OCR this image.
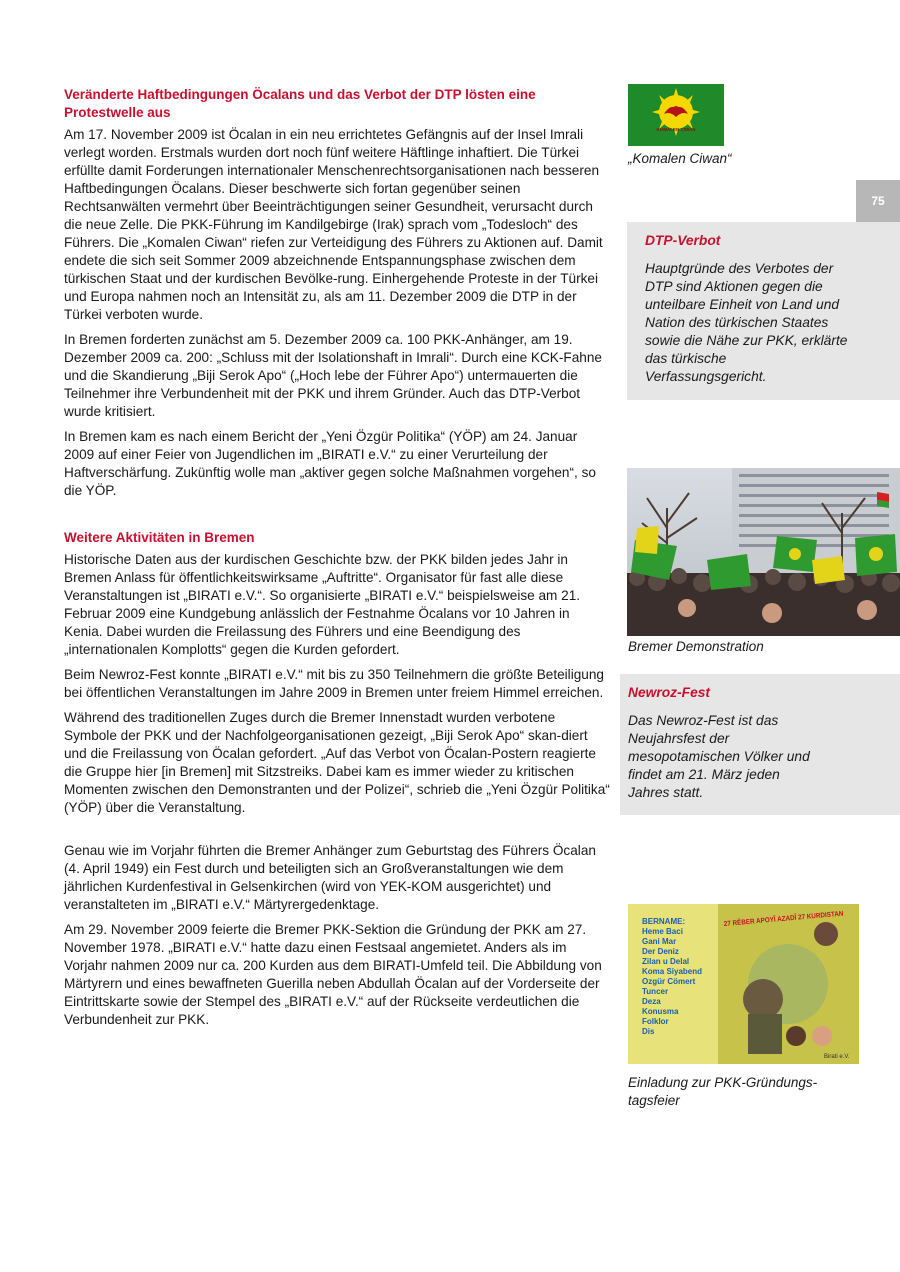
Veränderte Haftbedingungen Öcalans und das Verbot der DTP lösten eine Protestwelle aus

Am 17. November 2009 ist Öcalan in ein neu errichtetes Gefängnis auf der Insel Imrali verlegt worden. Erstmals wurden dort noch fünf weitere Häftlinge inhaftiert. Die Türkei erfüllte damit Forderungen internationaler Menschenrechtsorganisationen nach besseren Haftbedingungen Öcalans. Dieser beschwerte sich fortan gegenüber seinen Rechtsanwälten vermehrt über Beeinträchtigungen seiner Gesundheit, verursacht durch die neue Zelle. Die PKK-Führung im Kandilgebirge (Irak) sprach vom „Todesloch“ des Führers. Die „Komalen Ciwan“ riefen zur Verteidigung des Führers zu Aktionen auf. Damit endete die sich seit Sommer 2009 abzeichnende Entspannungsphase zwischen dem türkischen Staat und der kurdischen Bevölke-rung. Einhergehende Proteste in der Türkei und Europa nahmen noch an Intensität zu, als am 11. Dezember 2009 die DTP in der Türkei verboten wurde.

In Bremen forderten zunächst am 5. Dezember 2009 ca. 100 PKK-Anhänger, am 19. Dezember 2009 ca. 200: „Schluss mit der Isolationshaft in Imrali“. Durch eine KCK-Fahne und die Skandierung „Biji Serok Apo“ („Hoch lebe der Führer Apo“) untermauerten die Teilnehmer ihre Verbundenheit mit der PKK und ihrem Gründer. Auch das DTP-Verbot wurde kritisiert.

In Bremen kam es nach einem Bericht der „Yeni Özgür Politika“ (YÖP) am 24. Januar 2009 auf einer Feier von Jugendlichen im „BIRATI e.V.“ zu einer Verurteilung der Haftverschärfung. Zukünftig wolle man „aktiver gegen solche Maßnahmen vorgehen“, so die YÖP.

Weitere Aktivitäten in Bremen

Historische Daten aus der kurdischen Geschichte bzw. der PKK bilden jedes Jahr in Bremen Anlass für öffentlichkeitswirksame „Auftritte“. Organisator für fast alle diese Veranstaltungen ist „BIRATI e.V.“. So organisierte „BIRATI e.V.“ beispielsweise am 21. Februar 2009 eine Kundgebung anlässlich der Festnahme Öcalans vor 10 Jahren in Kenia. Dabei wurden die Freilassung des Führers und eine Beendigung des „internationalen Komplotts“ gegen die Kurden gefordert.

Beim Newroz-Fest konnte „BIRATI e.V.“ mit bis zu 350 Teilnehmern die größte Beteiligung bei öffentlichen Veranstaltungen im Jahre 2009 in Bremen unter freiem Himmel erreichen.

Während des traditionellen Zuges durch die Bremer Innenstadt wurden verbotene Symbole der PKK und der Nachfolgeorganisationen gezeigt, „Biji Serok Apo“ skan-diert und die Freilassung von Öcalan gefordert. „Auf das Verbot von Öcalan-Postern reagierte die Gruppe hier [in Bremen] mit Sitzstreiks. Dabei kam es immer wieder zu kritischen Momenten zwischen den Demonstranten und der Polizei“, schrieb die „Yeni Özgür Politika“ (YÖP) über die Veranstaltung.

Genau wie im Vorjahr führten die Bremer Anhänger zum Geburtstag des Führers Öcalan (4. April 1949) ein Fest durch und beteiligten sich an Großveranstaltungen wie dem jährlichen Kurdenfestival in Gelsenkirchen (wird von YEK-KOM ausgerichtet) und veranstalteten im „BIRATI e.V.“ Märtyrergedenktage.

Am 29. November 2009 feierte die Bremer PKK-Sektion die Gründung der PKK am 27. November 1978. „BIRATI e.V.“ hatte dazu einen Festsaal angemietet. Anders als im Vorjahr nahmen 2009 nur ca. 200 Kurden aus dem BIRATI-Umfeld teil. Die Abbildung von Märtyrern und eines bewaffneten Guerilla neben Abdullah Öcalan auf der Vorderseite der Eintrittskarte sowie der Stempel des „BIRATI e.V.“ auf der Rückseite verdeutlichen die Verbundenheit zur PKK.

75
KOMALEN CIWAN
„Komalen Ciwan“
DTP-Verbot

Hauptgründe des Verbotes der DTP sind Aktionen gegen die unteilbare Einheit von Land und Nation des türkischen Staates sowie die Nähe zur PKK, erklärte das türkische Verfassungsgericht.

Bremer Demonstration
Newroz-Fest

Das Newroz-Fest ist das Neujahrsfest der mesopotamischen Völker und findet am 21. März jeden Jahres statt.

BERNAME:
Heme Baci
Gani Mar
Der Deniz
Zilan u Delal
Koma Siyabend
Ozgür Cömert
Tuncer
Deza
Konusma
Folklor
Dis
27 RÊBER APOYÎ AZADÎ 27 KURDISTAN
Birati e.V.
Einladung zur PKK-Gründungs-tagsfeier
